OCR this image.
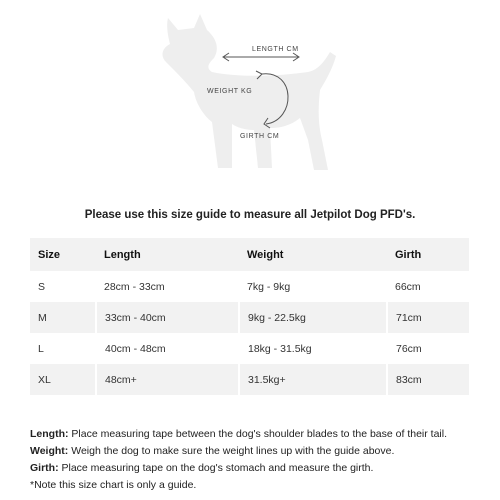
LENGTH CM
WEIGHT KG
GIRTH CM
Please use this size guide to measure all Jetpilot Dog PFD's.
Size	Length	Weight	Girth
S	28cm - 33cm	7kg - 9kg	66cm
M	33cm - 40cm	9kg - 22.5kg	71cm
L	40cm - 48cm	18kg - 31.5kg	76cm
XL	48cm+	31.5kg+	83cm

Length: Place measuring tape between the dog's shoulder blades to the base of their tail.

Weight: Weigh the dog to make sure the weight lines up with the guide above.

Girth: Place measuring tape on the dog's stomach and measure the girth.

*Note this size chart is only a guide.
